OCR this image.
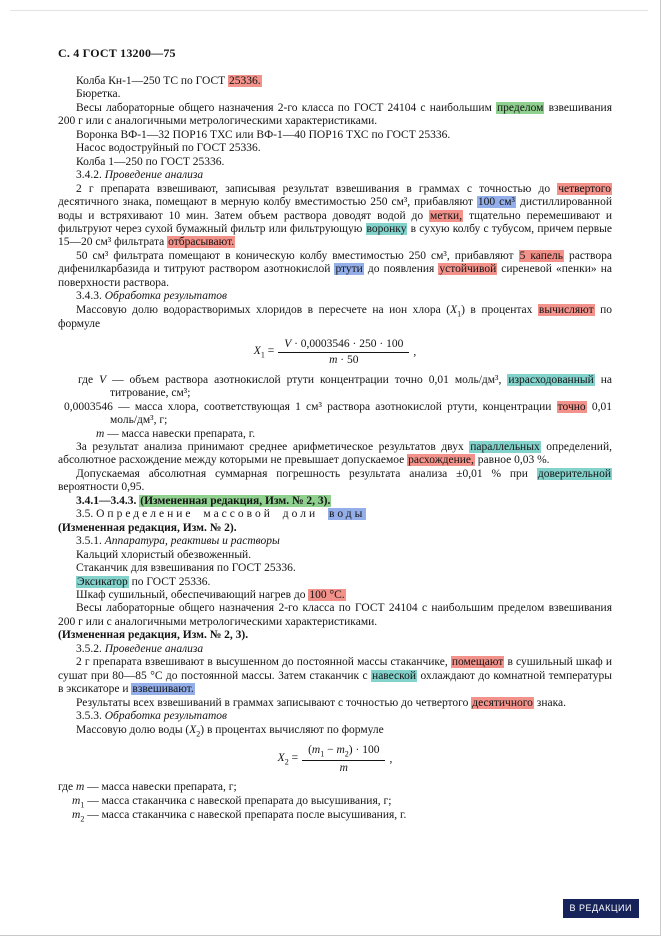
С. 4 ГОСТ 13200—75

Колба Кн-1—250 ТС по ГОСТ 25336.

Бюретка.

Весы лабораторные общего назначения 2-го класса по ГОСТ 24104 с наибольшим пределом взвешивания 200 г или с аналогичными метрологическими характеристиками.

Воронка ВФ-1—32 ПОР16 ТХС или ВФ-1—40 ПОР16 ТХС по ГОСТ 25336.

Насос водоструйный по ГОСТ 25336.

Колба 1—250 по ГОСТ 25336.

3.4.2. Проведение анализа

2 г препарата взвешивают, записывая результат взвешивания в граммах с точностью до четвертого десятичного знака, помещают в мерную колбу вместимостью 250 см³, прибавляют 100 см³ дистиллированной воды и встряхивают 10 мин. Затем объем раствора доводят водой до метки, тщательно перемешивают и фильтруют через сухой бумажный фильтр или фильтрующую воронку в сухую колбу с тубусом, причем первые 15—20 см³ фильтрата отбрасывают.

50 см³ фильтрата помещают в коническую колбу вместимостью 250 см³, прибавляют 5 капель раствора дифенилкарбазида и титруют раствором азотнокислой ртути до появления устойчивой сиреневой «пенки» на поверхности раствора.

3.4.3. Обработка результатов

Массовую долю водорастворимых хлоридов в пересчете на ион хлора $(X_1)$ в процентах вычисляют по формуле

$X_1 = \frac{V \cdot 0,0003546 \cdot 250 \cdot 100}{m \cdot 50}$ ,

где V — объем раствора азотнокислой ртути концентрации точно 0,01 моль/дм³, израсходованный на титрование, см³;

0,0003546 — масса хлора, соответствующая 1 см³ раствора азотнокислой ртути, концентрации точно 0,01 моль/дм³, г;

m — масса навески препарата, г.

За результат анализа принимают среднее арифметическое результатов двух параллельных определений, абсолютное расхождение между которыми не превышает допускаемое расхождение, равное 0,03 %.

Допускаемая абсолютная суммарная погрешность результата анализа ±0,01 % при доверительной вероятности 0,95.

3.4.1—3.4.3. (Измененная редакция, Изм. № 2, 3).

3.5. Определение массовой доли воды

(Измененная редакция, Изм. № 2).

3.5.1. Аппаратура, реактивы и растворы

Кальций хлористый обезвоженный.

Стаканчик для взвешивания по ГОСТ 25336.

Эксикатор по ГОСТ 25336.

Шкаф сушильный, обеспечивающий нагрев до 100 °С.

Весы лабораторные общего назначения 2-го класса по ГОСТ 24104 с наибольшим пределом взвешивания 200 г или с аналогичными метрологическими характеристиками.

(Измененная редакция, Изм. № 2, 3).

3.5.2. Проведение анализа

2 г препарата взвешивают в высушенном до постоянной массы стаканчике, помещают в сушильный шкаф и сушат при 80—85 °С до постоянной массы. Затем стаканчик с навеской охлаждают до комнатной температуры в эксикаторе и взвешивают.

Результаты всех взвешиваний в граммах записывают с точностью до четвертого десятичного знака.

3.5.3. Обработка результатов

Массовую долю воды $(X_2)$ в процентах вычисляют по формуле

$X_2 = \frac{(m_1 - m_2) \cdot 100}{m}$ ,

где m — масса навески препарата, г;

$m_1$ — масса стаканчика с навеской препарата до высушивания, г;

$m_2$ — масса стаканчика с навеской препарата после высушивания, г.

В РЕДАКЦИИ
